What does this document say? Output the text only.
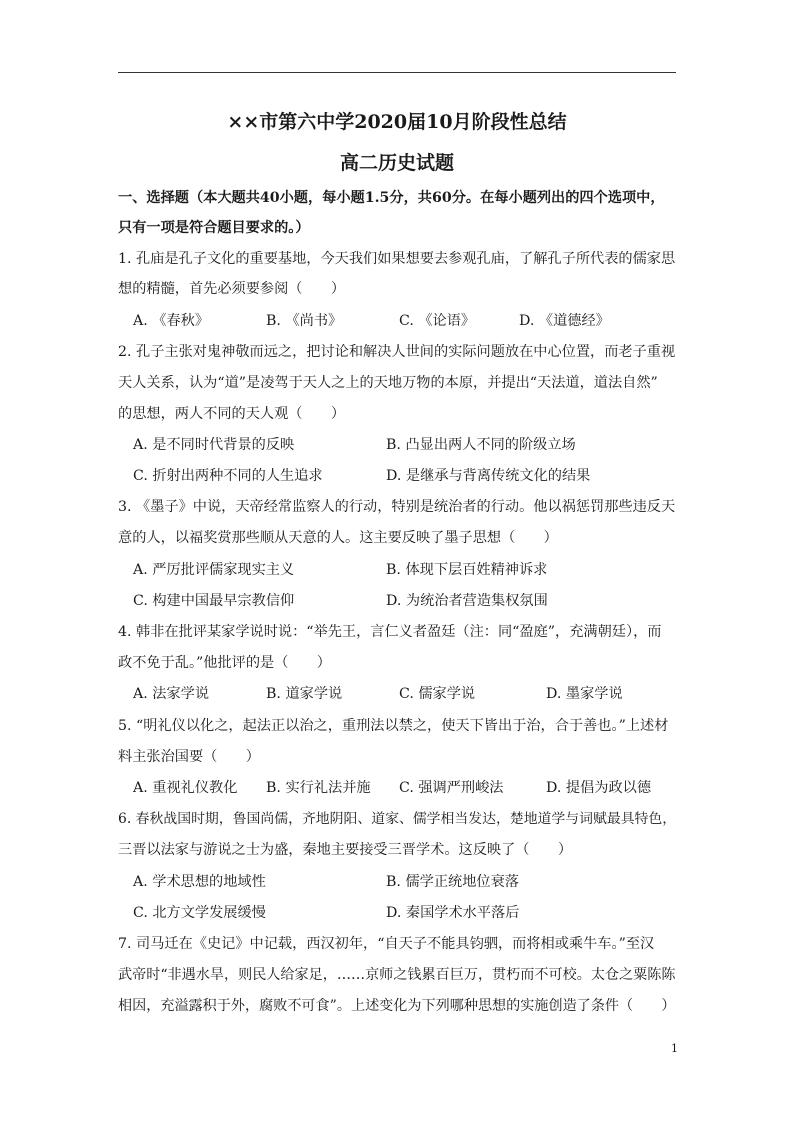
××市第六中学2020届10月阶段性总结
高二历史试题
一、选择题（本大题共40小题，每小题1.5分，共60分。在每小题列出的四个选项中，
只有一项是符合题目要求的。）
1. 孔庙是孔子文化的重要基地，今天我们如果想要去参观孔庙，了解孔子所代表的儒家思
想的精髓，首先必须要参阅（　　）
A. 《春秋》	B. 《尚书》	C. 《论语》	D. 《道德经》
2. 孔子主张对鬼神敬而远之，把讨论和解决人世间的实际问题放在中心位置，而老子重视
天人关系，认为“道”是凌驾于天人之上的天地万物的本原，并提出“天法道，道法自然”
的思想，两人不同的天人观（　　）
A. 是不同时代背景的反映	B. 凸显出两人不同的阶级立场
C. 折射出两种不同的人生追求	D. 是继承与背离传统文化的结果
3. 《墨子》中说，天帝经常监察人的行动，特别是统治者的行动。他以祸惩罚那些违反天
意的人，以福奖赏那些顺从天意的人。这主要反映了墨子思想（　　）
A. 严厉批评儒家现实主义	B. 体现下层百姓精神诉求
C. 构建中国最早宗教信仰	D. 为统治者营造集权氛围
4. 韩非在批评某家学说时说：“举先王，言仁义者盈廷（注：同“盈庭”，充满朝廷），而
政不免于乱。”他批评的是（　　）
A. 法家学说	B. 道家学说	C. 儒家学说	D. 墨家学说
5. “明礼仪以化之，起法正以治之，重刑法以禁之，使天下皆出于治，合于善也。”上述材
料主张治国要（　　）
A. 重视礼仪教化 B. 实行礼法并施 C. 强调严刑峻法	D. 提倡为政以德
6. 春秋战国时期，鲁国尚儒，齐地阴阳、道家、儒学相当发达，楚地道学与词赋最具特色，
三晋以法家与游说之士为盛，秦地主要接受三晋学术。这反映了（　　）
A. 学术思想的地域性	B. 儒学正统地位衰落
C. 北方文学发展缓慢	D. 秦国学术水平落后
7. 司马迁在《史记》中记载，西汉初年，“自天子不能具钧驷，而将相或乘牛车。”至汉
武帝时“非遇水旱，则民人给家足，……京师之钱累百巨万，贯朽而不可校。太仓之粟陈陈
相因，充溢露积于外，腐败不可食”。上述变化为下列哪种思想的实施创造了条件（　　）
1
